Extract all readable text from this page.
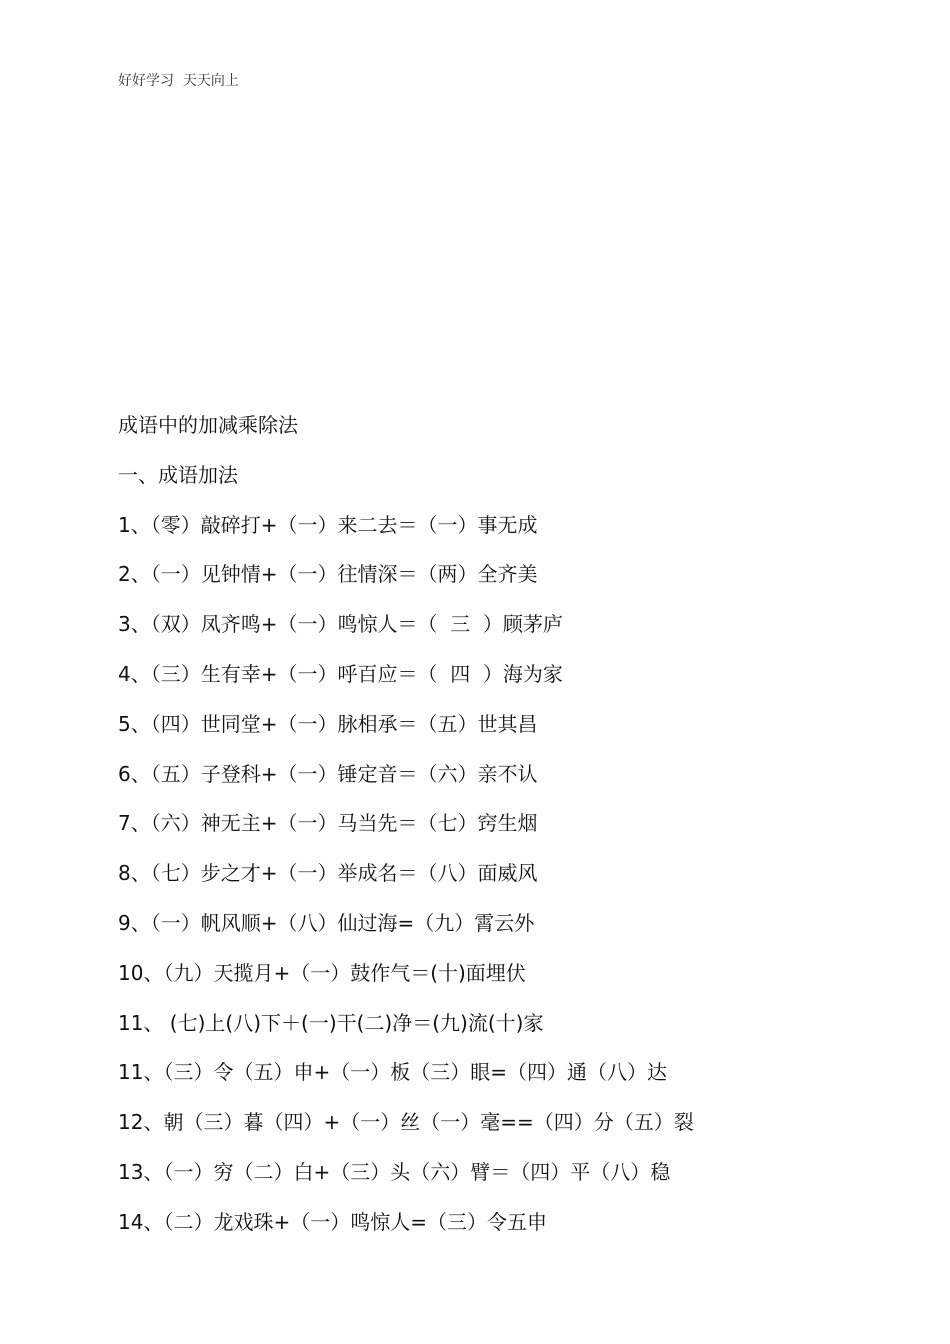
好好学习  天天向上
成语中的加减乘除法
一、成语加法
1、（零）敲碎打+（一）来二去＝（一）事无成
2、（一）见钟情+（一）往情深＝（两）全齐美
3、（双）凤齐鸣+（一）鸣惊人＝（  三  ）顾茅庐
4、（三）生有幸+（一）呼百应＝（  四  ）海为家
5、（四）世同堂+（一）脉相承＝（五）世其昌
6、（五）子登科+（一）锤定音＝（六）亲不认
7、（六）神无主+（一）马当先＝（七）窍生烟
8、（七）步之才+（一）举成名＝（八）面威风
9、（一）帆风顺+（八）仙过海=（九）霄云外
10、（九）天揽月+（一）鼓作气＝(十)面埋伏
11、 (七)上(八)下＋(一)干(二)净＝(九)流(十)家
11、（三）令（五）申+（一）板（三）眼=（四）通（八）达
12、朝（三）暮（四）+（一）丝（一）毫==（四）分（五）裂
13、（一）穷（二）白+（三）头（六）臂＝（四）平（八）稳
14、（二）龙戏珠+（一）鸣惊人=（三）令五申
